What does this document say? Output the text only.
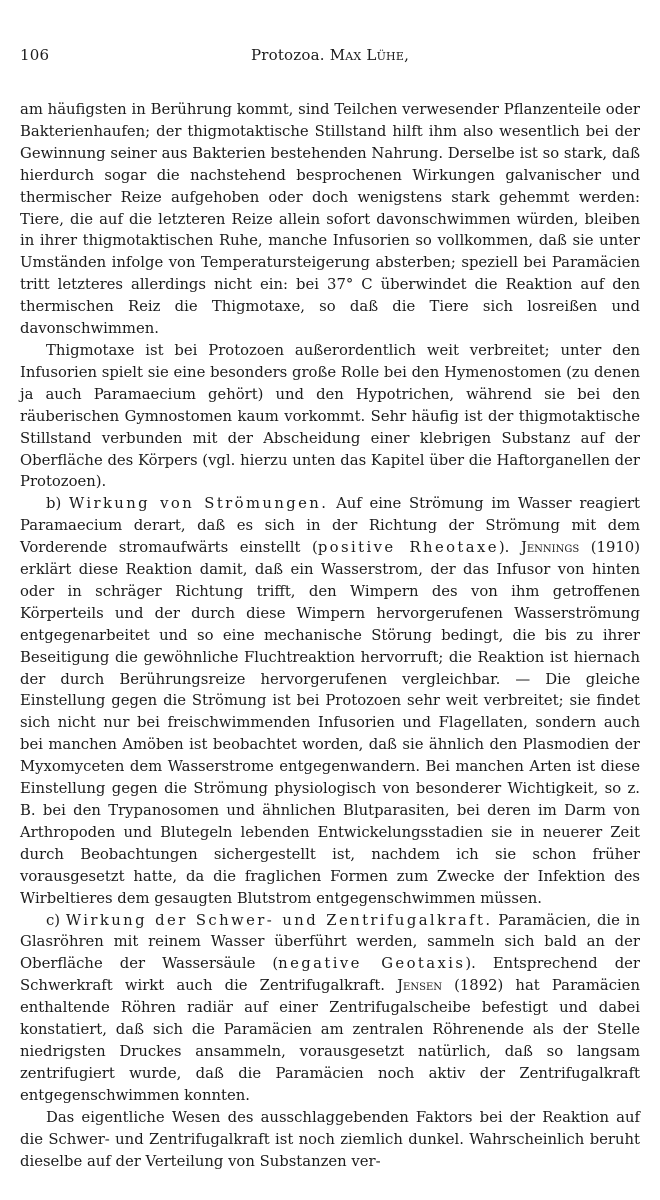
106	Protozoa. Max Lühe,

am häufigsten in Berührung kommt, sind Teilchen verwesender Pflanzenteile oder Bakterienhaufen; der thigmotaktische Stillstand hilft ihm also wesentlich bei der Gewinnung seiner aus Bakterien bestehenden Nahrung. Derselbe ist so stark, daß hierdurch sogar die nachstehend besprochenen Wirkungen galvanischer und thermischer Reize aufgehoben oder doch wenigstens stark gehemmt werden: Tiere, die auf die letzteren Reize allein sofort davonschwimmen würden, bleiben in ihrer thigmotaktischen Ruhe, manche Infusorien so vollkommen, daß sie unter Umständen infolge von Temperatursteigerung absterben; speziell bei Paramäcien tritt letzteres allerdings nicht ein: bei 37° C überwindet die Reaktion auf den thermischen Reiz die Thigmotaxe, so daß die Tiere sich losreißen und davonschwimmen.

Thigmotaxe ist bei Protozoen außerordentlich weit verbreitet; unter den Infusorien spielt sie eine besonders große Rolle bei den Hymenostomen (zu denen ja auch Paramaecium gehört) und den Hypotrichen, während sie bei den räuberischen Gymnostomen kaum vorkommt. Sehr häufig ist der thigmotaktische Stillstand verbunden mit der Abscheidung einer klebrigen Substanz auf der Oberfläche des Körpers (vgl. hierzu unten das Kapitel über die Haftorganellen der Protozoen).

b) Wirkung von Strömungen. Auf eine Strömung im Wasser reagiert Paramaecium derart, daß es sich in der Richtung der Strömung mit dem Vorderende stromaufwärts einstellt (positive Rheotaxe). Jennings (1910) erklärt diese Reaktion damit, daß ein Wasserstrom, der das Infusor von hinten oder in schräger Richtung trifft, den Wimpern des von ihm getroffenen Körperteils und der durch diese Wimpern hervorgerufenen Wasserströmung entgegenarbeitet und so eine mechanische Störung bedingt, die bis zu ihrer Beseitigung die gewöhnliche Fluchtreaktion hervorruft; die Reaktion ist hiernach der durch Berührungsreize hervorgerufenen vergleichbar. — Die gleiche Einstellung gegen die Strömung ist bei Protozoen sehr weit verbreitet; sie findet sich nicht nur bei freischwimmenden Infusorien und Flagellaten, sondern auch bei manchen Amöben ist beobachtet worden, daß sie ähnlich den Plasmodien der Myxomyceten dem Wasserstrome entgegenwandern. Bei manchen Arten ist diese Einstellung gegen die Strömung physiologisch von besonderer Wichtigkeit, so z. B. bei den Trypanosomen und ähnlichen Blutparasiten, bei deren im Darm von Arthropoden und Blutegeln lebenden Entwickelungsstadien sie in neuerer Zeit durch Beobachtungen sichergestellt ist, nachdem ich sie schon früher vorausgesetzt hatte, da die fraglichen Formen zum Zwecke der Infektion des Wirbeltieres dem gesaugten Blutstrom entgegenschwimmen müssen.

c) Wirkung der Schwer- und Zentrifugalkraft. Paramäcien, die in Glasröhren mit reinem Wasser überführt werden, sammeln sich bald an der Oberfläche der Wassersäule (negative Geotaxis). Entsprechend der Schwerkraft wirkt auch die Zentrifugalkraft. Jensen (1892) hat Paramäcien enthaltende Röhren radiär auf einer Zentrifugalscheibe befestigt und dabei konstatiert, daß sich die Paramäcien am zentralen Röhrenende als der Stelle niedrigsten Druckes ansammeln, vorausgesetzt natürlich, daß so langsam zentrifugiert wurde, daß die Paramäcien noch aktiv der Zentrifugalkraft entgegenschwimmen konnten.

Das eigentliche Wesen des ausschlaggebenden Faktors bei der Reaktion auf die Schwer- und Zentrifugalkraft ist noch ziemlich dunkel. Wahrscheinlich beruht dieselbe auf der Verteilung von Substanzen ver-
